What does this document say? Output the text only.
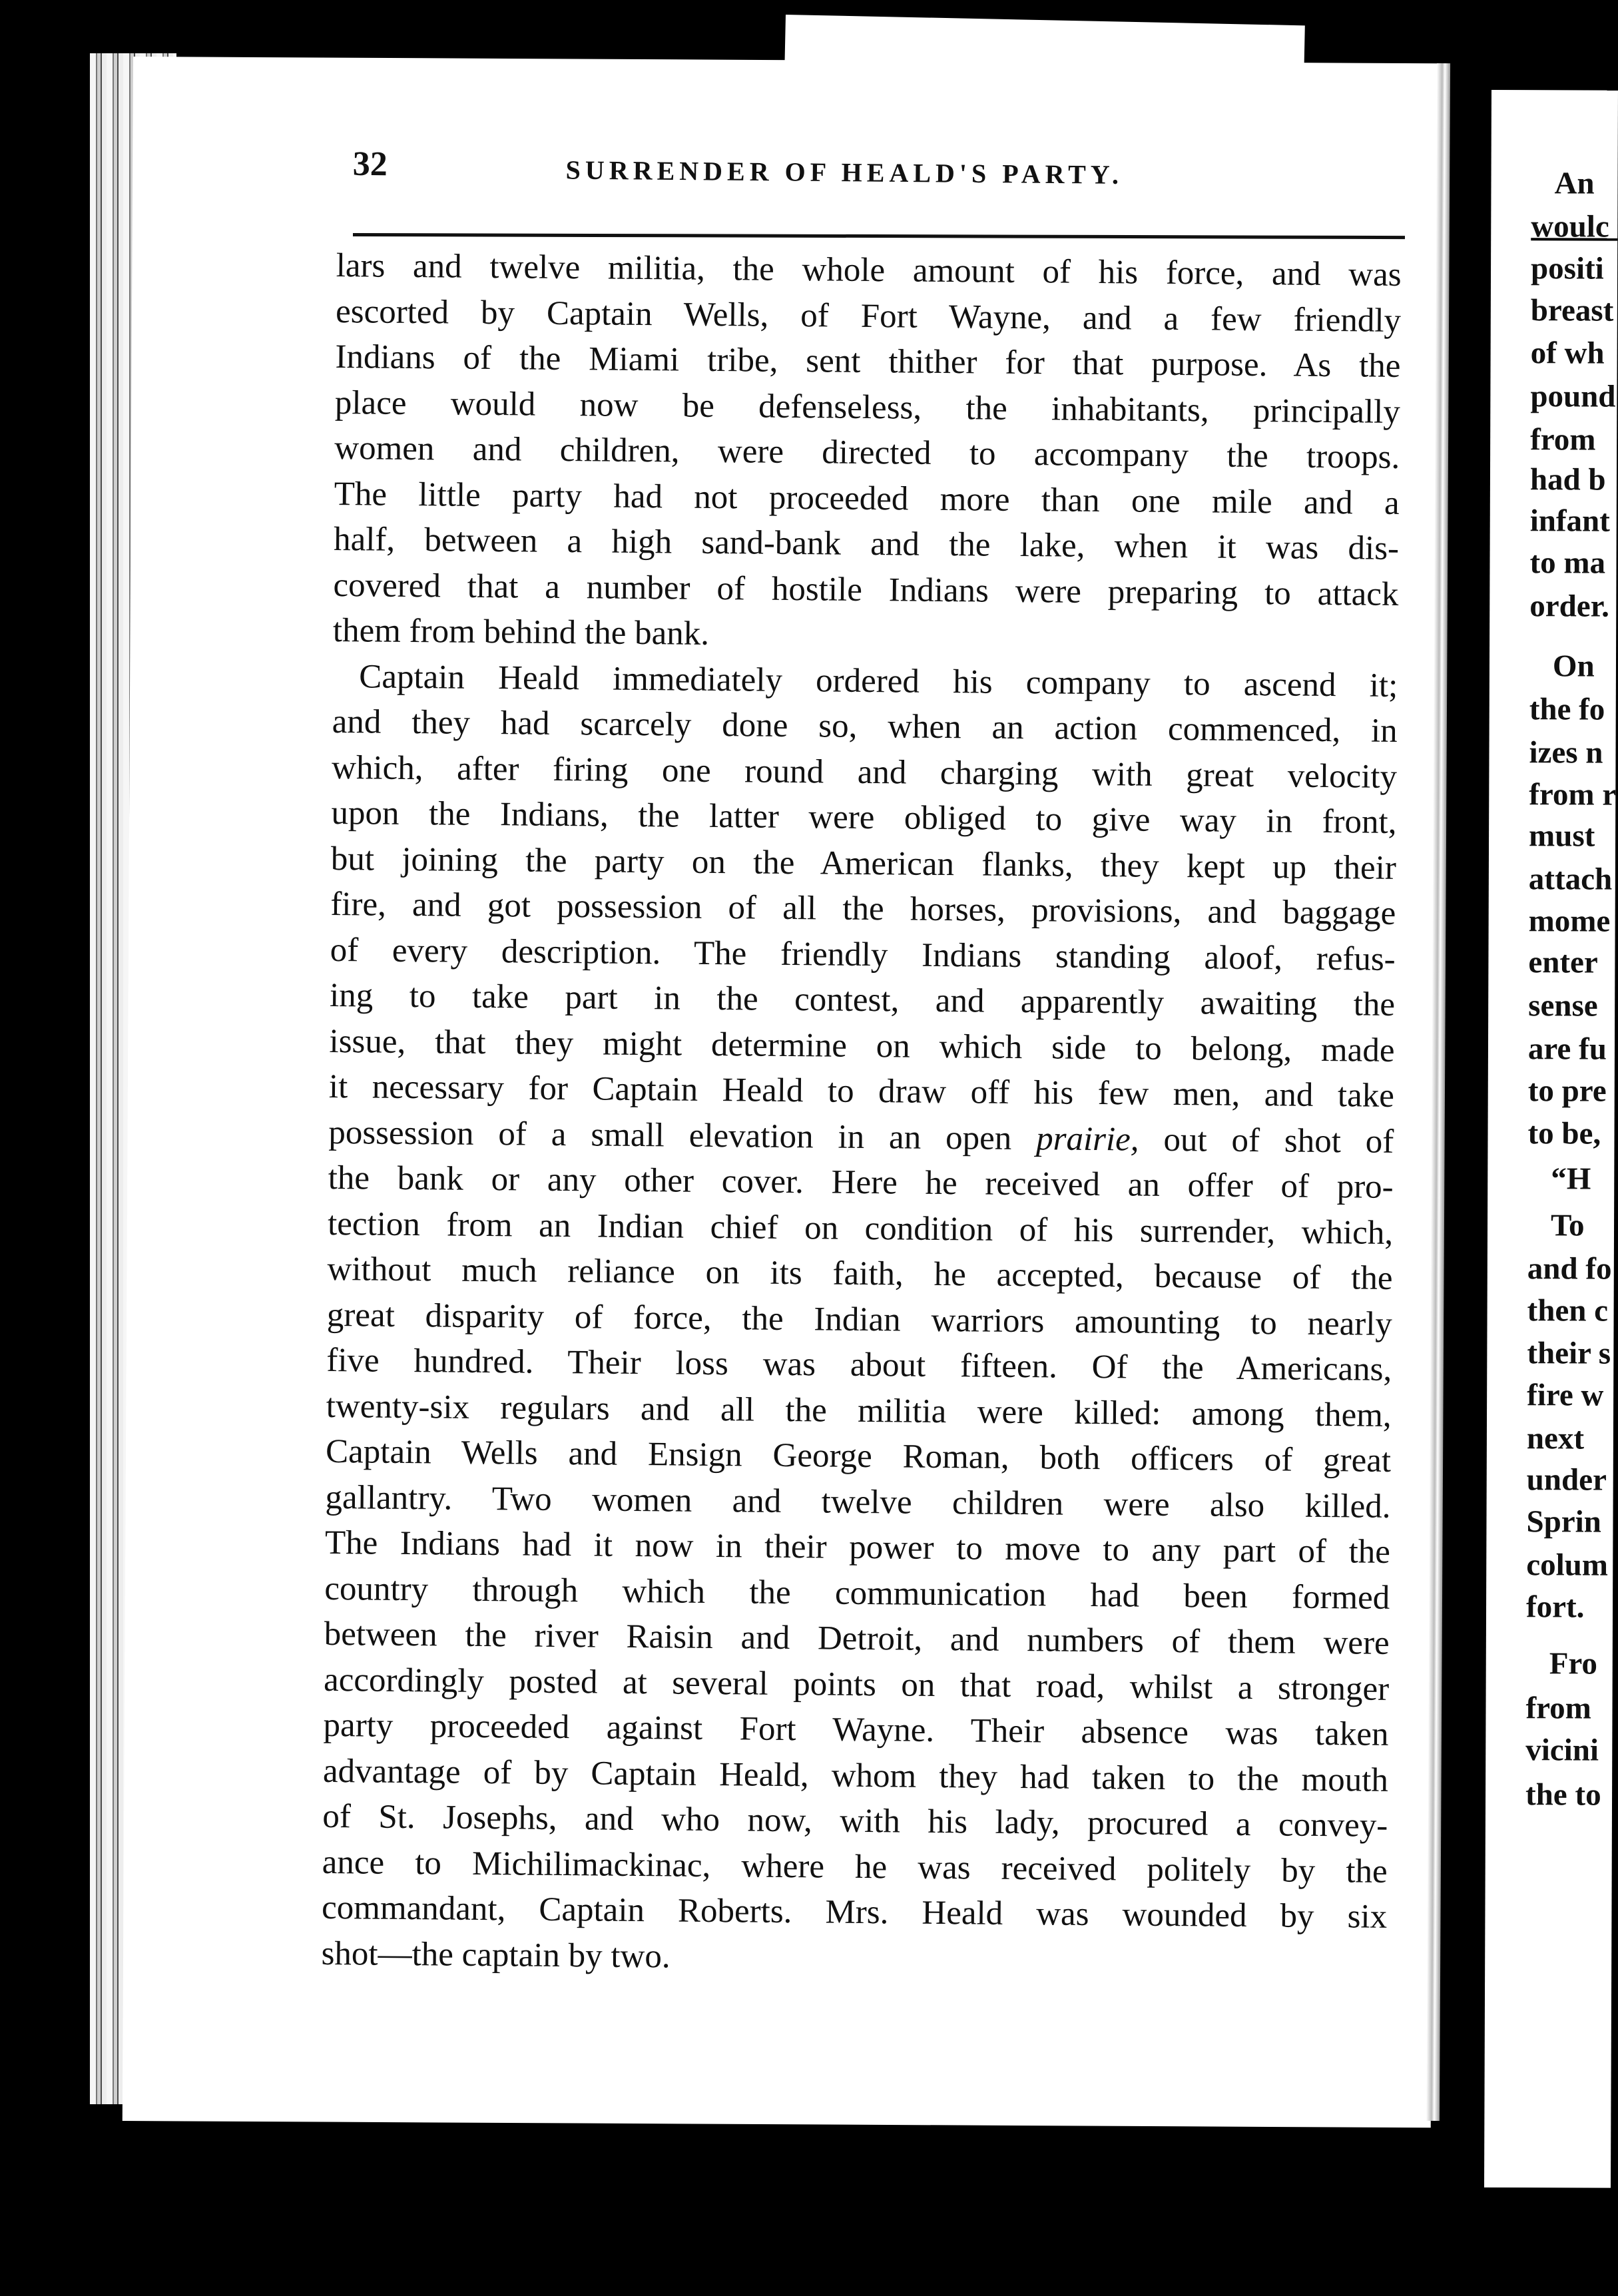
An
woulc
positi
breast
of wh
pound
from
had b
infant
to ma
order.
On
the fo
izes n
from r
must
attach
mome
enter
sense
are fu
to pre
to be,
“H
To
and fo
then c
their s
fire w
next
under
Sprin
colum
fort.
Fro
from
vicini
the to
32	SURRENDER OF HEALD'S PARTY.
lars and twelve militia, the whole amount of his force, and was
escorted by Captain Wells, of Fort Wayne, and a few friendly
Indians of the Miami tribe, sent thither for that purpose. As the
place would now be defenseless, the inhabitants, principally
women and children, were directed to accompany the troops.
The little party had not proceeded more than one mile and a
half, between a high sand-bank and the lake, when it was dis-
covered that a number of hostile Indians were preparing to attack
them from behind the bank.
Captain Heald immediately ordered his company to ascend it;
and they had scarcely done so, when an action commenced, in
which, after firing one round and charging with great velocity
upon the Indians, the latter were obliged to give way in front,
but joining the party on the American flanks, they kept up their
fire, and got possession of all the horses, provisions, and baggage
of every description. The friendly Indians standing aloof, refus-
ing to take part in the contest, and apparently awaiting the
issue, that they might determine on which side to belong, made
it necessary for Captain Heald to draw off his few men, and take
possession of a small elevation in an open prairie, out of shot of
the bank or any other cover. Here he received an offer of pro-
tection from an Indian chief on condition of his surrender, which,
without much reliance on its faith, he accepted, because of the
great disparity of force, the Indian warriors amounting to nearly
five hundred. Their loss was about fifteen. Of the Americans,
twenty-six regulars and all the militia were killed: among them,
Captain Wells and Ensign George Roman, both officers of great
gallantry. Two women and twelve children were also killed.
The Indians had it now in their power to move to any part of the
country through which the communication had been formed
between the river Raisin and Detroit, and numbers of them were
accordingly posted at several points on that road, whilst a stronger
party proceeded against Fort Wayne. Their absence was taken
advantage of by Captain Heald, whom they had taken to the mouth
of St. Josephs, and who now, with his lady, procured a convey-
ance to Michilimackinac, where he was received politely by the
commandant, Captain Roberts. Mrs. Heald was wounded by six
shot—the captain by two.
